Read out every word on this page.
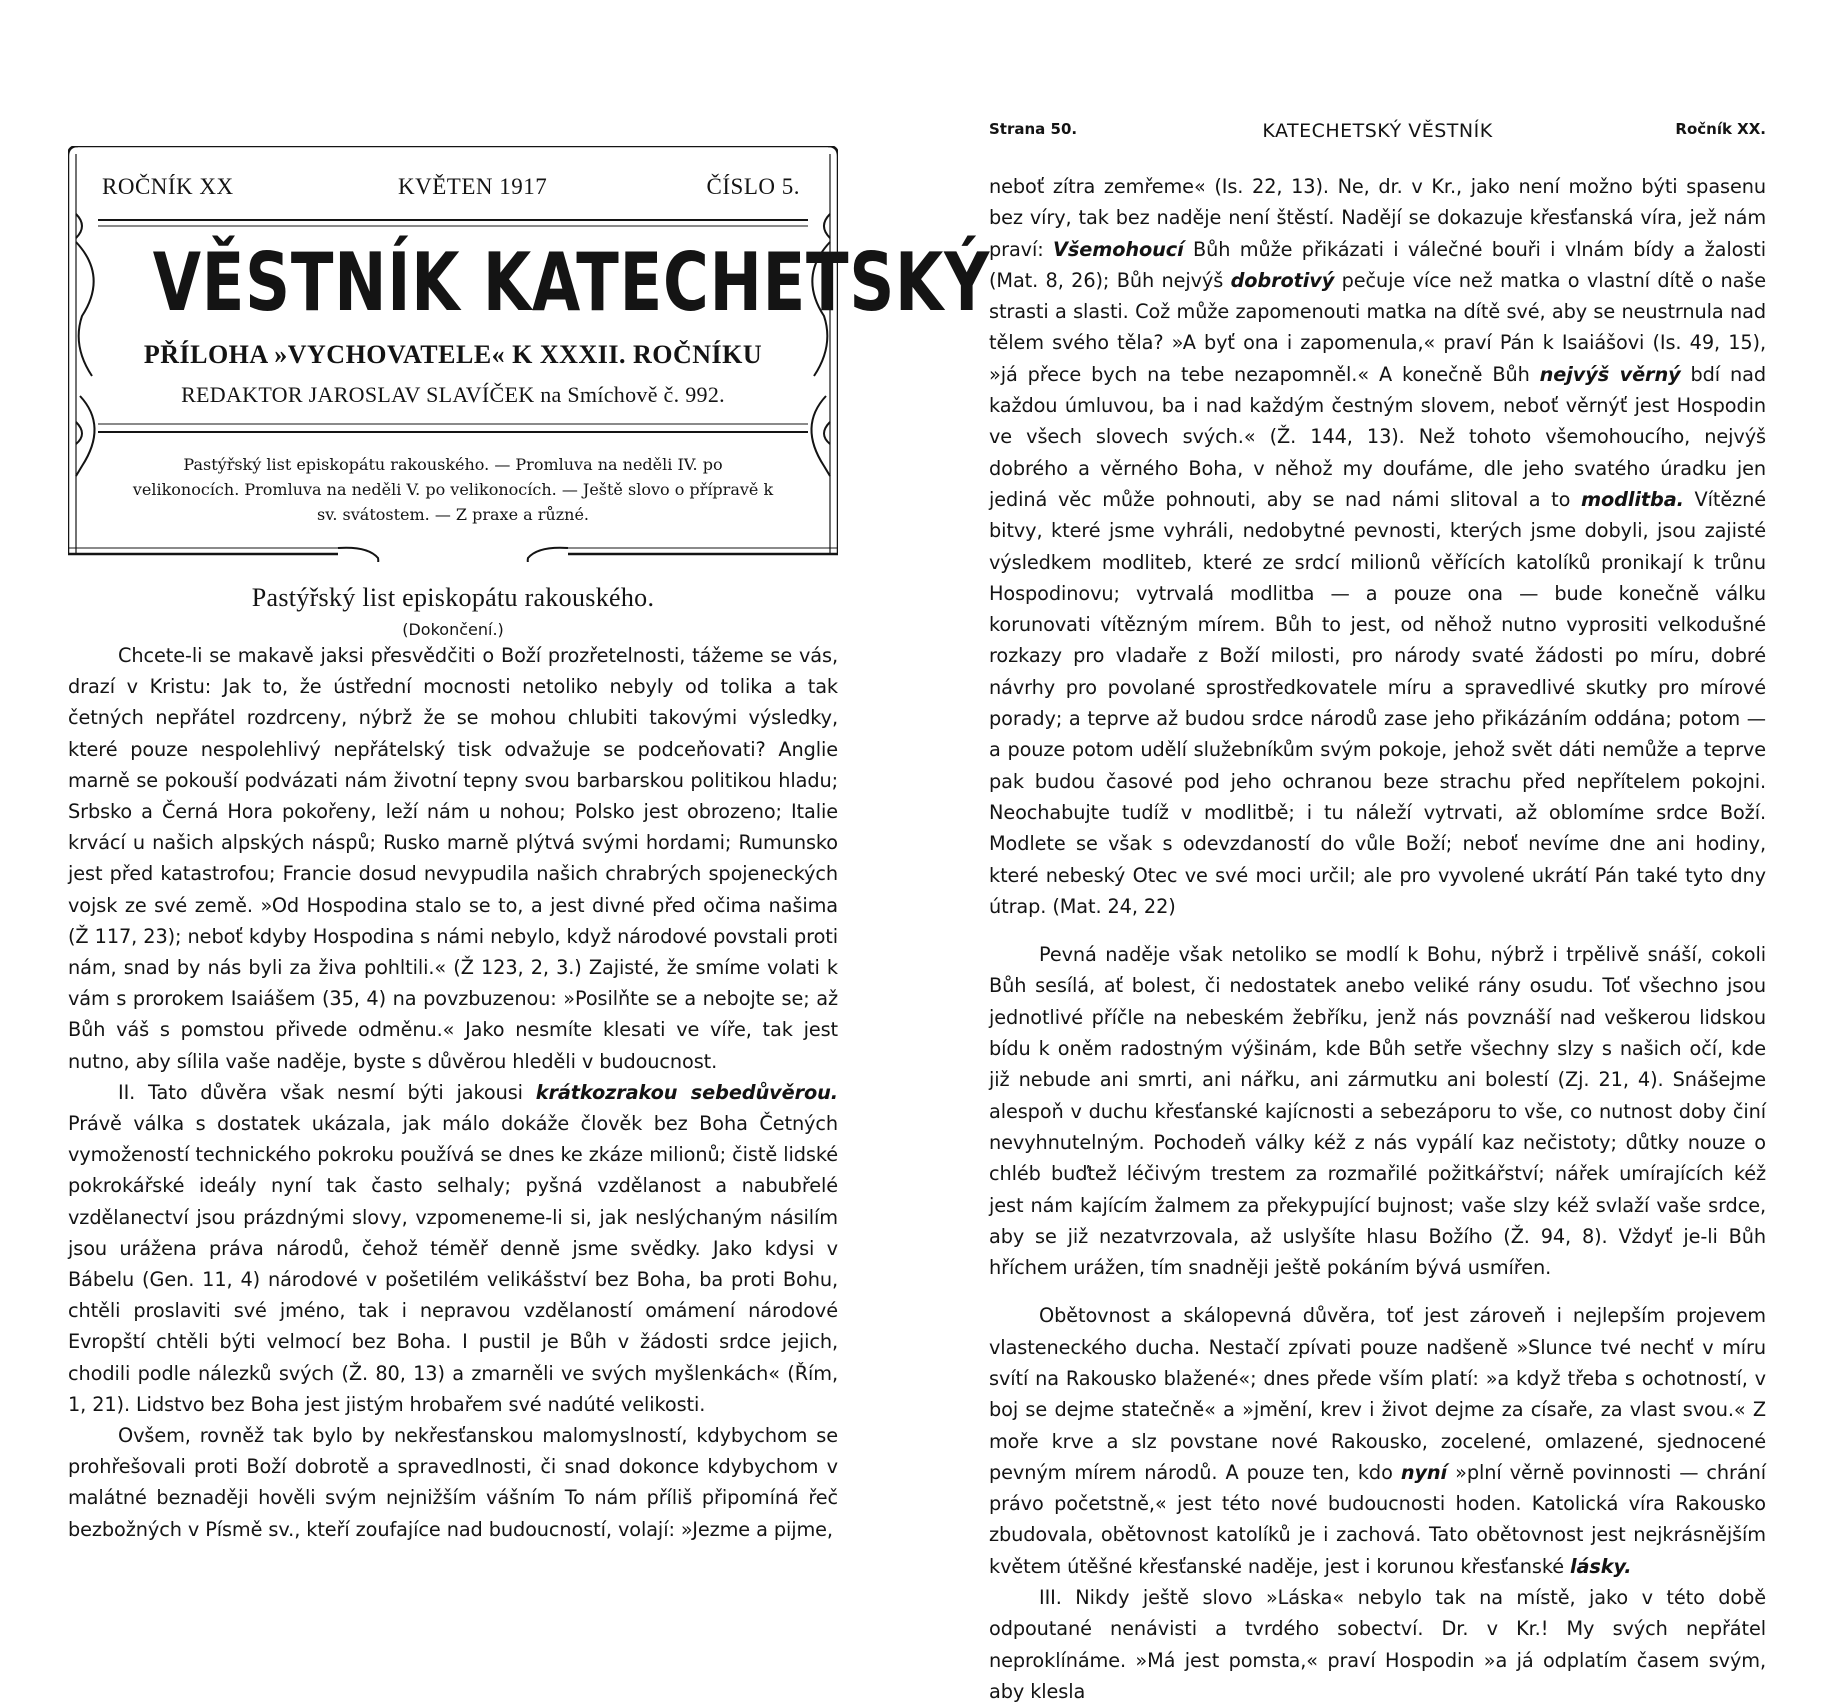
ROČNÍK XX	KVĚTEN 1917	ČÍSLO 5.
VĚSTNÍK KATECHETSKÝ
PŘÍLOHA »VYCHOVATELE« K XXXII. ROČNÍKU
REDAKTOR JAROSLAV SLAVÍČEK na Smíchově č. 992.
Pastýřský list episkopátu rakouského. — Promluva na neděli IV. po velikonocích. Promluva na neděli V. po velikonocích. — Ještě slovo o přípravě k sv. svátostem. — Z praxe a různé.
Pastýřský list episkopátu rakouského.
(Dokončení.)

Chcete-li se makavě jaksi přesvědčiti o Boží prozřetelnosti, tážeme se vás, drazí v Kristu: Jak to, že ústřední mocnosti netoliko nebyly od tolika a tak četných nepřátel rozdrceny, nýbrž že se mohou chlubiti takovými výsledky, které pouze nespolehlivý nepřátelský tisk odvažuje se podceňovati? Anglie marně se pokouší podvázati nám životní tepny svou barbarskou politikou hladu; Srbsko a Černá Hora pokořeny, leží nám u nohou; Polsko jest obrozeno; Italie krvácí u našich alpských náspů; Rusko marně plýtvá svými hordami; Rumunsko jest před katastrofou; Francie dosud nevypudila našich chrabrých spojeneckých vojsk ze své země. »Od Hospodina stalo se to, a jest divné před očima našima (Ž 117, 23); neboť kdyby Hospodina s námi nebylo, když národové povstali proti nám, snad by nás byli za živa pohltili.« (Ž 123, 2, 3.) Zajisté, že smíme volati k vám s prorokem Isaiášem (35, 4) na povzbuzenou: »Posilňte se a nebojte se; až Bůh váš s pomstou přivede odměnu.« Jako nesmíte klesati ve víře, tak jest nutno, aby sílila vaše naděje, byste s důvěrou hleděli v budoucnost.

II. Tato důvěra však nesmí býti jakousi krátkozrakou sebedůvěrou. Právě válka s dostatek ukázala, jak málo dokáže člověk bez Boha Četných vymožeností technického pokroku používá se dnes ke zkáze milionů; čistě lidské pokrokářské ideály nyní tak často selhaly; pyšná vzdělanost a nabubřelé vzdělanectví jsou prázdnými slovy, vzpomeneme-li si, jak neslýchaným násilím jsou urážena práva národů, čehož téměř denně jsme svědky. Jako kdysi v Bábelu (Gen. 11, 4) národové v pošetilém velikášství bez Boha, ba proti Bohu, chtěli proslaviti své jméno, tak i nepravou vzdělaností omámení národové Evropští chtěli býti velmocí bez Boha. I pustil je Bůh v žádosti srdce jejich, chodili podle nálezků svých (Ž. 80, 13) a zmarněli ve svých myšlenkách« (Řím, 1, 21). Lidstvo bez Boha jest jistým hrobařem své nadúté velikosti.

Ovšem, rovněž tak bylo by nekřesťanskou malomyslností, kdybychom se prohřešovali proti Boží dobrotě a spravedlnosti, či snad dokonce kdybychom v malátné beznaději hověli svým nejnižším vášním To nám příliš připomíná řeč bezbožných v Písmě sv., kteří zoufajíce nad budoucností, volají: »Jezme a pijme,

KATECHETSKÝ VĚSTNÍK
Strana 50.	Ročník XX.

neboť zítra zemřeme« (Is. 22, 13). Ne, dr. v Kr., jako není možno býti spasenu bez víry, tak bez naděje není štěstí. Nadějí se dokazuje křesťanská víra, jež nám praví: Všemohoucí Bůh může přikázati i válečné bouři i vlnám bídy a žalosti (Mat. 8, 26); Bůh nejvýš dobrotivý pečuje více než matka o vlastní dítě o naše strasti a slasti. Což může zapomenouti matka na dítě své, aby se neustrnula nad tělem svého těla? »A byť ona i zapomenula,« praví Pán k Isaiášovi (Is. 49, 15), »já přece bych na tebe nezapomněl.« A konečně Bůh nejvýš věrný bdí nad každou úmluvou, ba i nad každým čestným slovem, neboť věrnýť jest Hospodin ve všech slovech svých.« (Ž. 144, 13). Než tohoto všemohoucího, nejvýš dobrého a věrného Boha, v něhož my doufáme, dle jeho svatého úradku jen jediná věc může pohnouti, aby se nad námi slitoval a to modlitba. Vítězné bitvy, které jsme vyhráli, nedobytné pevnosti, kterých jsme dobyli, jsou zajisté výsledkem modliteb, které ze srdcí milionů věřících katolíků pronikají k trůnu Hospodinovu; vytrvalá modlitba — a pouze ona — bude konečně válku korunovati vítězným mírem. Bůh to jest, od něhož nutno vyprositi velkodušné rozkazy pro vladaře z Boží milosti, pro národy svaté žádosti po míru, dobré návrhy pro povolané sprostředkovatele míru a spravedlivé skutky pro mírové porady; a teprve až budou srdce národů zase jeho přikázáním oddána; potom — a pouze potom udělí služebníkům svým pokoje, jehož svět dáti nemůže a teprve pak budou časové pod jeho ochranou beze strachu před nepřítelem pokojni. Neochabujte tudíž v modlitbě; i tu náleží vytrvati, až oblomíme srdce Boží. Modlete se však s odevzdaností do vůle Boží; neboť nevíme dne ani hodiny, které nebeský Otec ve své moci určil; ale pro vyvolené ukrátí Pán také tyto dny útrap. (Mat. 24, 22)

Pevná naděje však netoliko se modlí k Bohu, nýbrž i trpělivě snáší, cokoli Bůh sesílá, ať bolest, či nedostatek anebo veliké rány osudu. Toť všechno jsou jednotlivé příčle na nebeském žebříku, jenž nás povznáší nad veškerou lidskou bídu k oněm radostným výšinám, kde Bůh setře všechny slzy s našich očí, kde již nebude ani smrti, ani nářku, ani zármutku ani bolestí (Zj. 21, 4). Snášejme alespoň v duchu křesťanské kajícnosti a sebezáporu to vše, co nutnost doby činí nevyhnutelným. Pochodeň války kéž z nás vypálí kaz nečistoty; důtky nouze o chléb buďtež léčivým trestem za rozmařilé požitkářství; nářek umírajících kéž jest nám kajícím žalmem za překypující bujnost; vaše slzy kéž svlaží vaše srdce, aby se již nezatvrzovala, až uslyšíte hlasu Božího (Ž. 94, 8). Vždyť je-li Bůh hříchem urážen, tím snadněji ještě pokáním bývá usmířen.

Obětovnost a skálopevná důvěra, toť jest zároveň i nejlepším projevem vlasteneckého ducha. Nestačí zpívati pouze nadšeně »Slunce tvé nechť v míru svítí na Rakousko blažené«; dnes přede vším platí: »a když třeba s ochotností, v boj se dejme statečně« a »jmění, krev i život dejme za císaře, za vlast svou.« Z moře krve a slz povstane nové Rakousko, zocelené, omlazené, sjednocené pevným mírem národů. A pouze ten, kdo nyní »plní věrně povinnosti — chrání právo početstně,« jest této nové budoucnosti hoden. Katolická víra Rakousko zbudovala, obětovnost katolíků je i zachová. Tato obětovnost jest nejkrásnějším květem útěšné křesťanské naděje, jest i korunou křesťanské lásky.

III. Nikdy ještě slovo »Láska« nebylo tak na místě, jako v této době odpoutané nenávisti a tvrdého sobectví. Dr. v Kr.! My svých nepřátel neproklínáme. »Má jest pomsta,« praví Hospodin »a já odplatím časem svým, aby klesla
